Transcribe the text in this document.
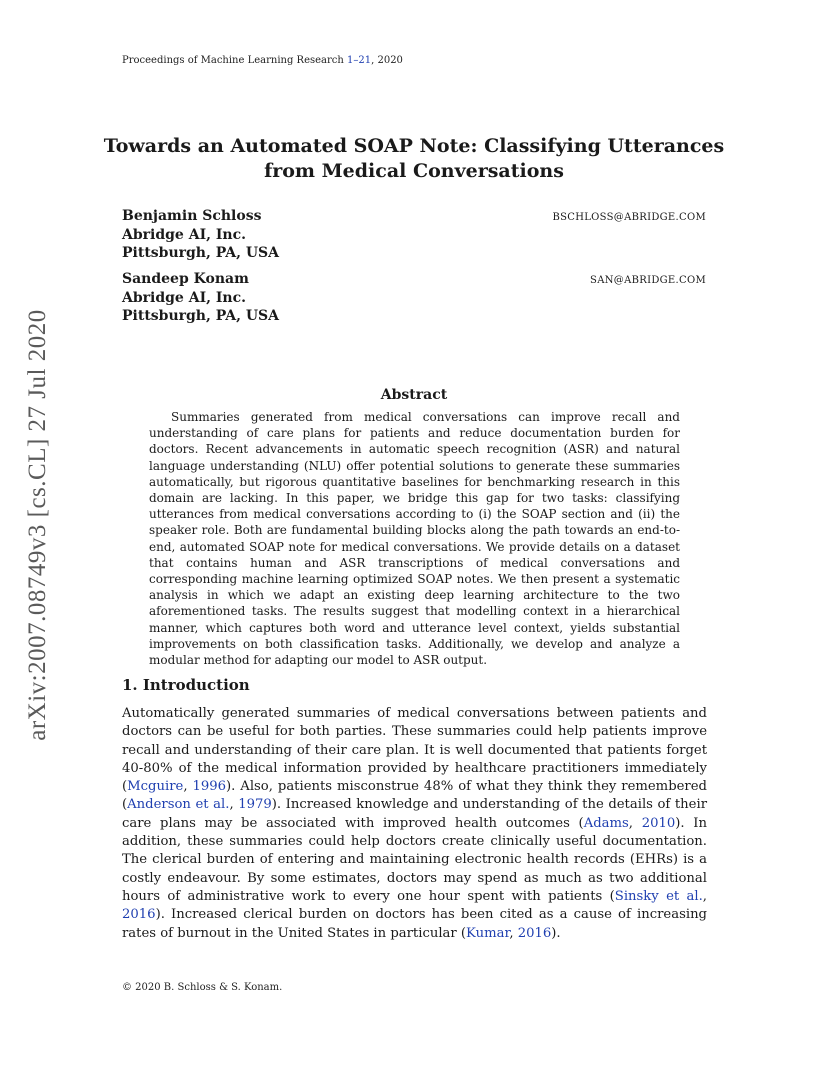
Proceedings of Machine Learning Research 1–21, 2020
arXiv:2007.08749v3 [cs.CL] 27 Jul 2020
Towards an Automated SOAP Note: Classifying Utterances from Medical Conversations
Benjamin Schloss
Abridge AI, Inc.
Pittsburgh, PA, USA
BSCHLOSS@ABRIDGE.COM
Sandeep Konam
Abridge AI, Inc.
Pittsburgh, PA, USA
SAN@ABRIDGE.COM
Abstract

Summaries generated from medical conversations can improve recall and understanding of care plans for patients and reduce documentation burden for doctors. Recent advancements in automatic speech recognition (ASR) and natural language understanding (NLU) offer potential solutions to generate these summaries automatically, but rigorous quantitative baselines for benchmarking research in this domain are lacking. In this paper, we bridge this gap for two tasks: classifying utterances from medical conversations according to (i) the SOAP section and (ii) the speaker role. Both are fundamental building blocks along the path towards an end-to-end, automated SOAP note for medical conversations. We provide details on a dataset that contains human and ASR transcriptions of medical conversations and corresponding machine learning optimized SOAP notes. We then present a systematic analysis in which we adapt an existing deep learning architecture to the two aforementioned tasks. The results suggest that modelling context in a hierarchical manner, which captures both word and utterance level context, yields substantial improvements on both classification tasks. Additionally, we develop and analyze a modular method for adapting our model to ASR output.

1. Introduction

Automatically generated summaries of medical conversations between patients and doctors can be useful for both parties. These summaries could help patients improve recall and understanding of their care plan. It is well documented that patients forget 40-80% of the medical information provided by healthcare practitioners immediately (Mcguire, 1996). Also, patients misconstrue 48% of what they think they remembered (Anderson et al., 1979). Increased knowledge and understanding of the details of their care plans may be associated with improved health outcomes (Adams, 2010). In addition, these summaries could help doctors create clinically useful documentation. The clerical burden of entering and maintaining electronic health records (EHRs) is a costly endeavour. By some estimates, doctors may spend as much as two additional hours of administrative work to every one hour spent with patients (Sinsky et al., 2016). Increased clerical burden on doctors has been cited as a cause of increasing rates of burnout in the United States in particular (Kumar, 2016).

© 2020 B. Schloss & S. Konam.
